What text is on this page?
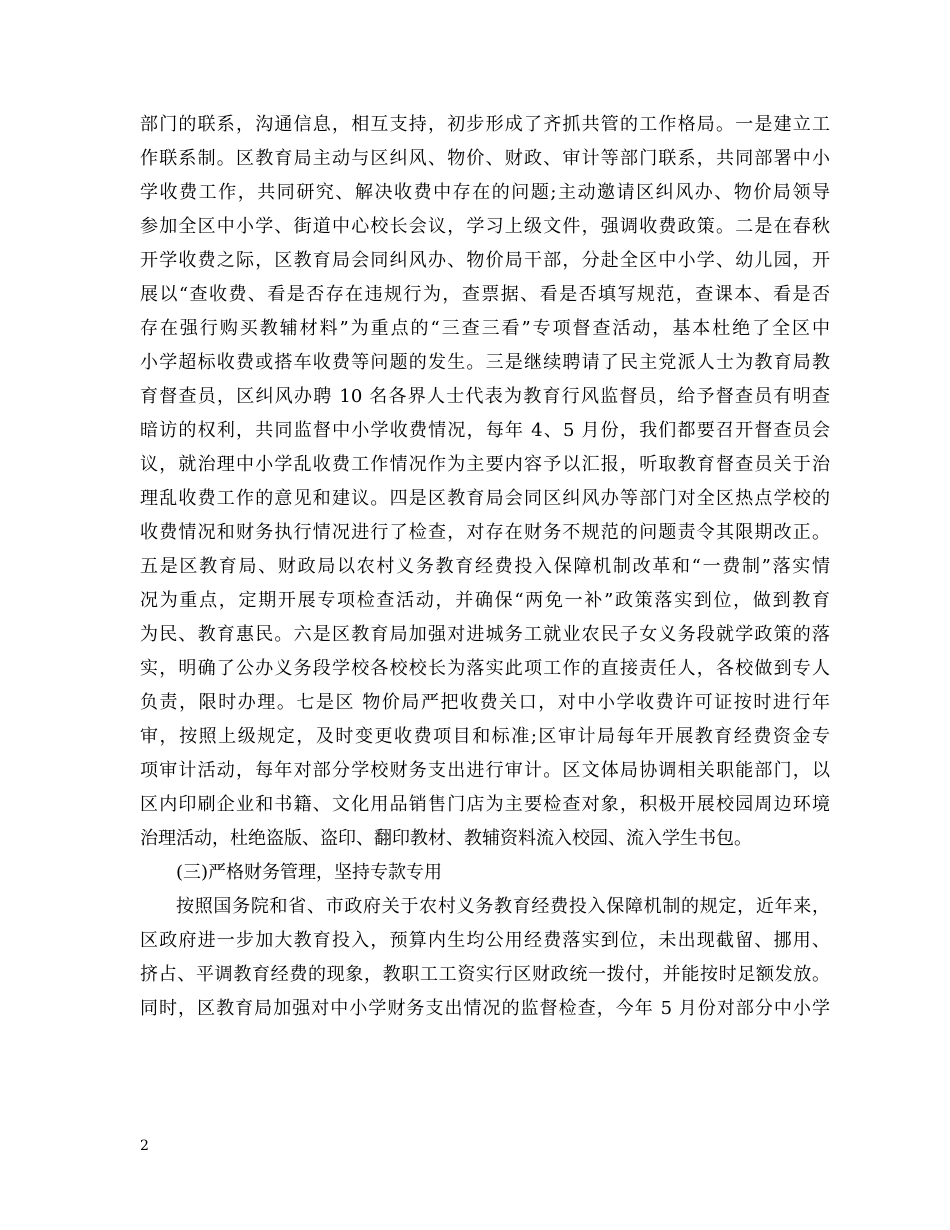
部门的联系，沟通信息，相互支持，初步形成了齐抓共管的工作格局。一是建立工
作联系制。区教育局主动与区纠风、物价、财政、审计等部门联系，共同部署中小
学收费工作，共同研究、解决收费中存在的问题;主动邀请区纠风办、物价局领导
参加全区中小学、街道中心校长会议，学习上级文件，强调收费政策。二是在春秋
开学收费之际，区教育局会同纠风办、物价局干部，分赴全区中小学、幼儿园，开
展以“查收费、看是否存在违规行为，查票据、看是否填写规范，查课本、看是否
存在强行购买教辅材料”为重点的“三查三看”专项督查活动，基本杜绝了全区中
小学超标收费或搭车收费等问题的发生。三是继续聘请了民主党派人士为教育局教
育督查员，区纠风办聘 10 名各界人士代表为教育行风监督员，给予督查员有明查
暗访的权利，共同监督中小学收费情况，每年 4、5 月份，我们都要召开督查员会
议，就治理中小学乱收费工作情况作为主要内容予以汇报，听取教育督查员关于治
理乱收费工作的意见和建议。四是区教育局会同区纠风办等部门对全区热点学校的
收费情况和财务执行情况进行了检查，对存在财务不规范的问题责令其限期改正。
五是区教育局、财政局以农村义务教育经费投入保障机制改革和“一费制”落实情
况为重点，定期开展专项检查活动，并确保“两免一补”政策落实到位，做到教育
为民、教育惠民。六是区教育局加强对进城务工就业农民子女义务段就学政策的落
实，明确了公办义务段学校各校校长为落实此项工作的直接责任人，各校做到专人
负责，限时办理。七是区 物价局严把收费关口，对中小学收费许可证按时进行年
审，按照上级规定，及时变更收费项目和标准;区审计局每年开展教育经费资金专
项审计活动，每年对部分学校财务支出进行审计。区文体局协调相关职能部门，以
区内印刷企业和书籍、文化用品销售门店为主要检查对象，积极开展校园周边环境
治理活动，杜绝盗版、盗印、翻印教材、教辅资料流入校园、流入学生书包。
(三)严格财务管理，坚持专款专用
按照国务院和省、市政府关于农村义务教育经费投入保障机制的规定，近年来，
区政府进一步加大教育投入，预算内生均公用经费落实到位，未出现截留、挪用、
挤占、平调教育经费的现象，教职工工资实行区财政统一拨付，并能按时足额发放。
同时，区教育局加强对中小学财务支出情况的监督检查，今年 5 月份对部分中小学
2
